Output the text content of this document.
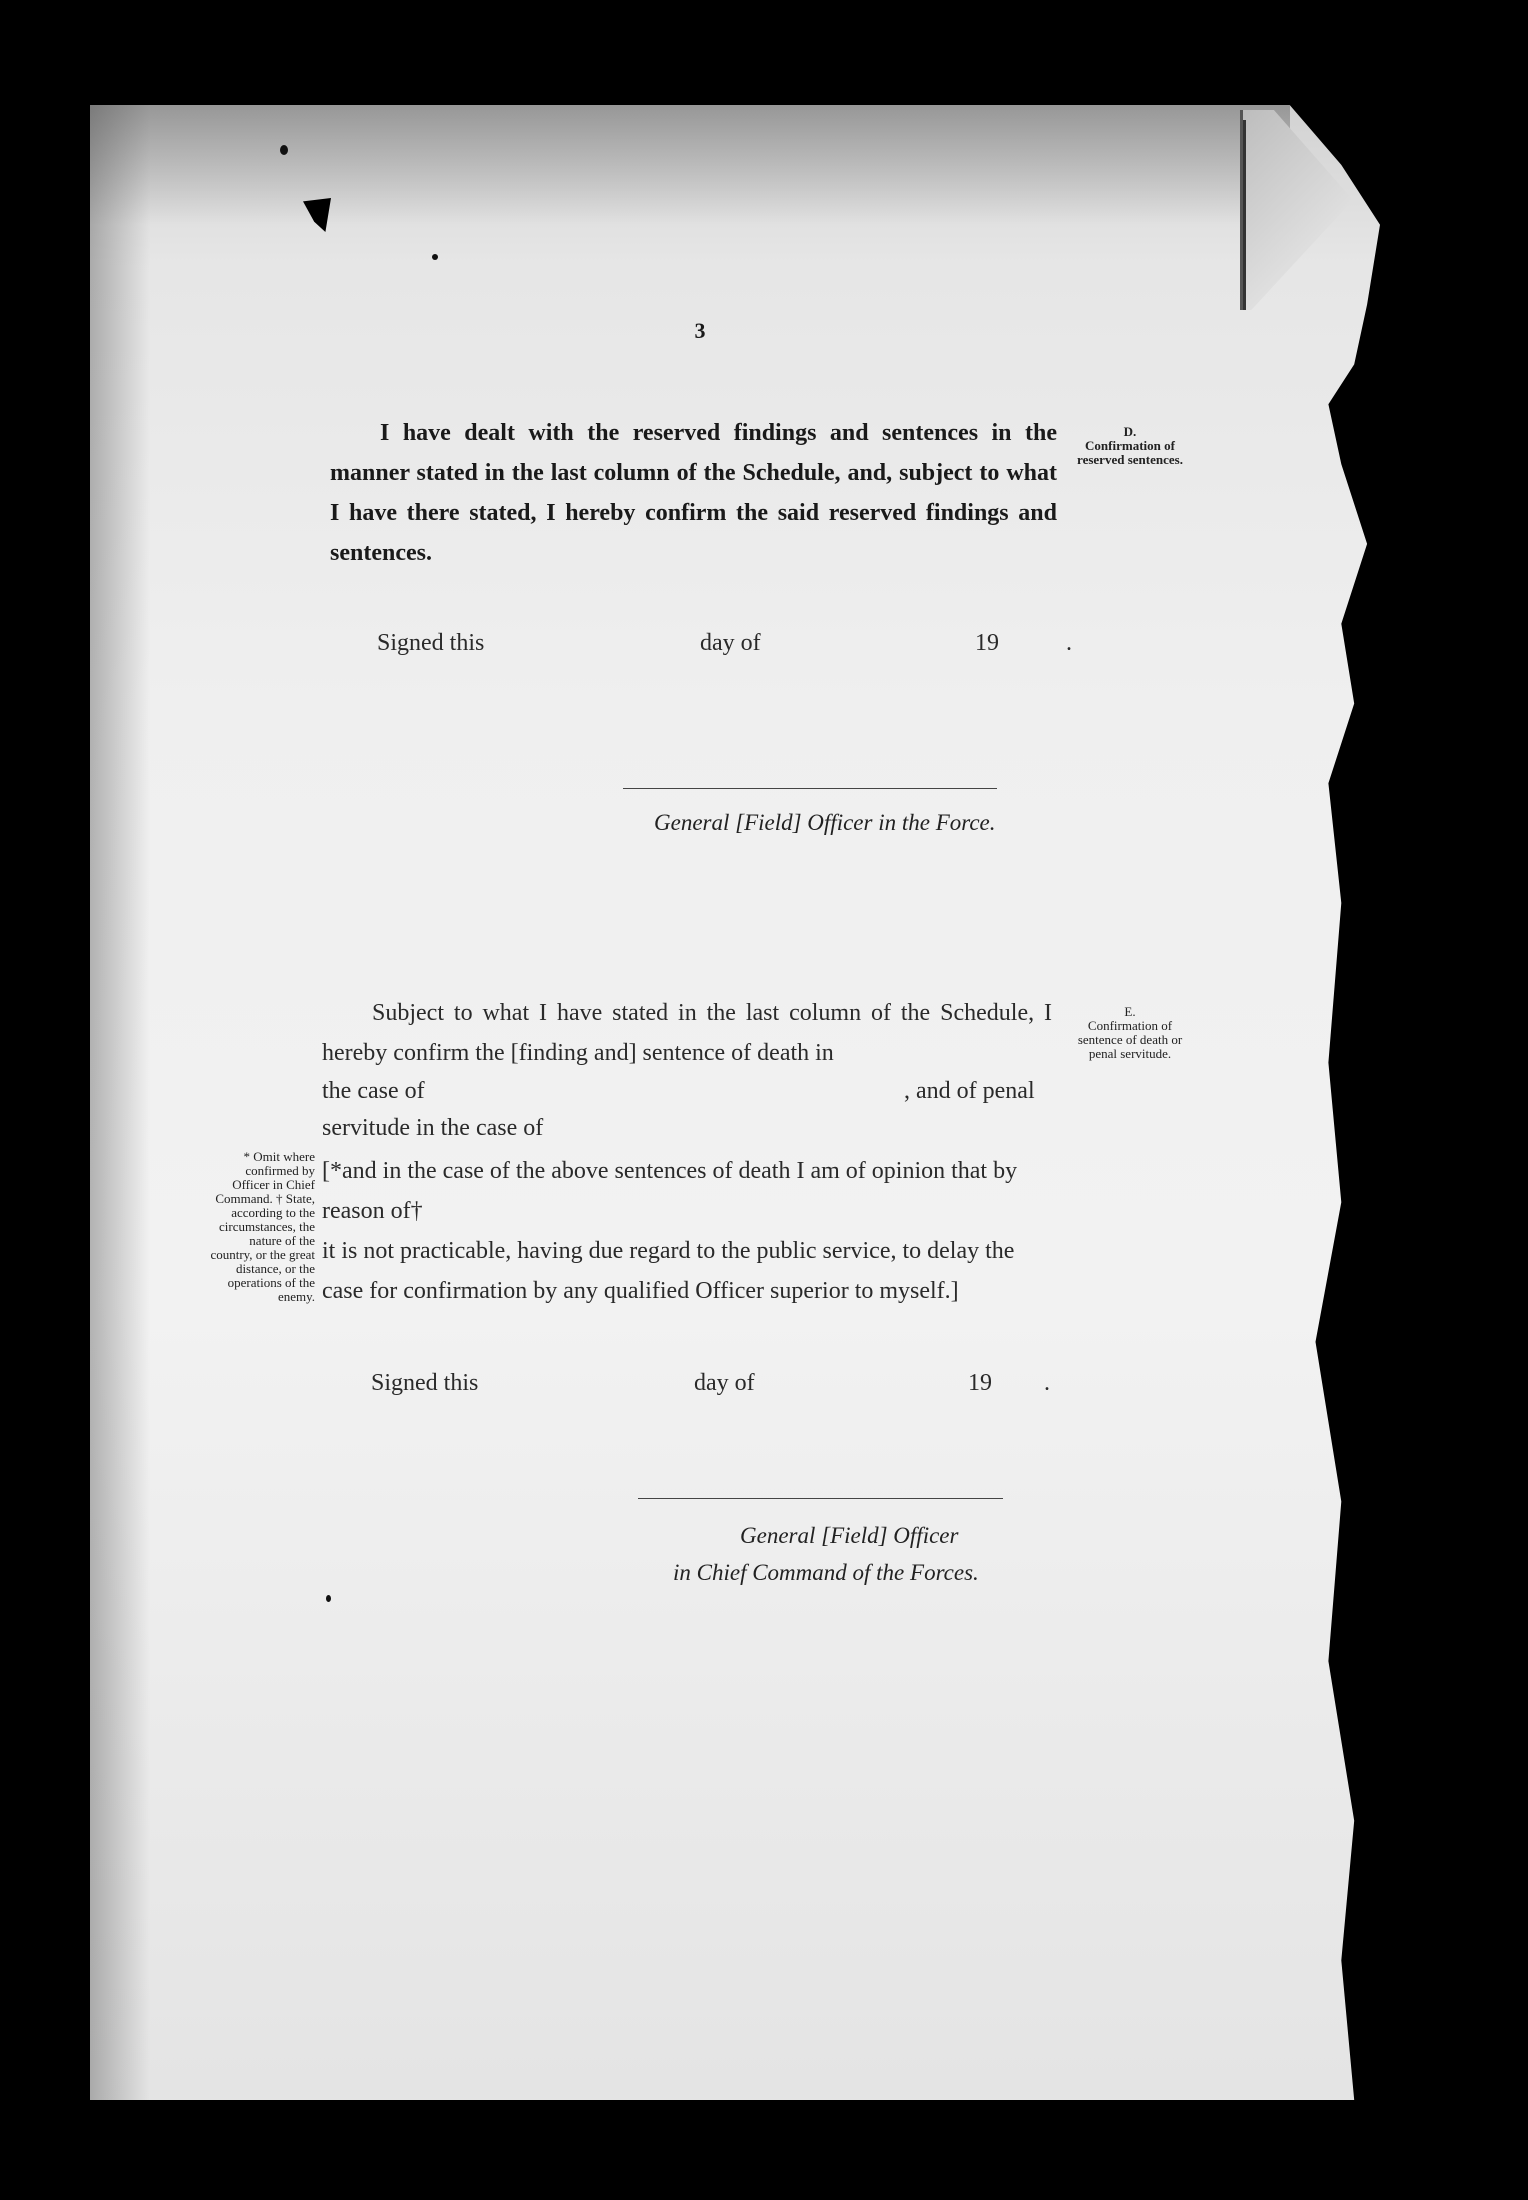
3

I have dealt with the reserved findings and sentences in the manner stated in the last column of the Schedule, and, subject to what I have there stated, I hereby confirm the said reserved findings and sentences.

D.
Confirmation of reserved sentences.
Signed this	day of	19	.
General [Field] Officer in the Force.

Subject to what I have stated in the last column of the Schedule, I hereby confirm the [finding and] sentence of death in

E.
Confirmation of sentence of death or penal servitude.
the case of	, and of penal
servitude in the case of

[*and in the case of the above sentences of death I am of opinion that by reason of†
it is not practicable, having due regard to the public service, to delay the case for confirmation by any qualified Officer superior to myself.]

* Omit where confirmed by Officer in Chief Command. † State, according to the circumstances, the nature of the country, or the great distance, or the operations of the enemy.
Signed this	day of	19 .
General [Field] Officer
in Chief Command of the Forces.
